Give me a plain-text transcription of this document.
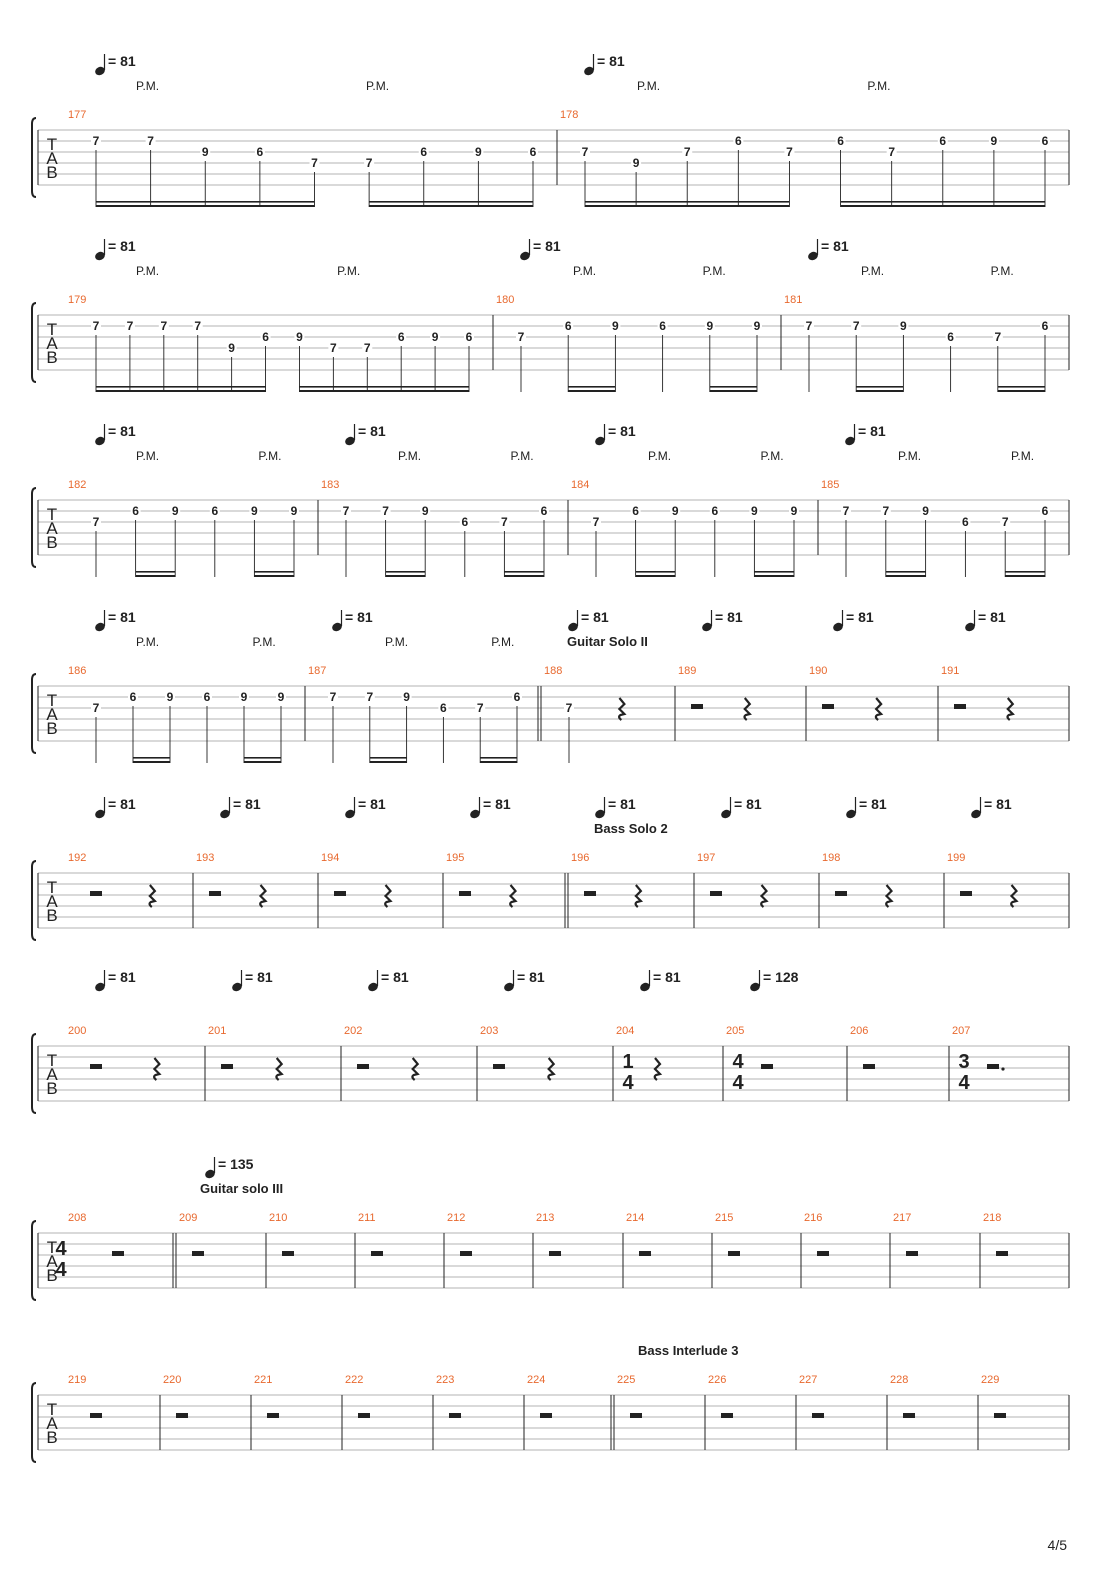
T
A
B
177
= 81
P.M.	P.M.
7	7
9	6
7	7
6	9	6
178
= 81
P.M.	P.M.
7
9
7
6
7
6
7
6	9	6
T
A
B
179
= 81
P.M.	P.M.
7 7 7 7
9
6 9
7 7
6 9 6
180
= 81
P.M.	P.M.
7
6	9	6	9	9
181
= 81
P.M.	P.M.
7	7	9
6	7
6
T
A
B
182
= 81
P.M.	P.M.
7
6	9	6	9	9
183
= 81
P.M.	P.M.
7	7	9
6	7
6
184
= 81
P.M.	P.M.
7
6	9	6	9	9
185
= 81
P.M.	P.M.
7	7	9
6	7
6
T
A
B
186
= 81
P.M.	P.M.
7
6	9	6	9	9
187
= 81
P.M.	P.M.
7	7	9
6	7
6
188
= 81
Guitar Solo II
7
189
= 81
190
= 81
191
= 81
T
A
B
192
= 81
193
= 81
194
= 81
195
= 81
196
= 81
Bass Solo 2
197
= 81
198
= 81
199
= 81
T
A
B
200
= 81
201
= 81
202
= 81
203
= 81
204
= 81
1
4
205
= 128
4
4
206	207
3
4
T
A
B
208
4
4
209
= 135
Guitar solo III
210	211	212	213	214	215	216	217	218
T
A
B
219	220	221	222	223	224	225
Bass Interlude 3
226	227	228	229
4/5
